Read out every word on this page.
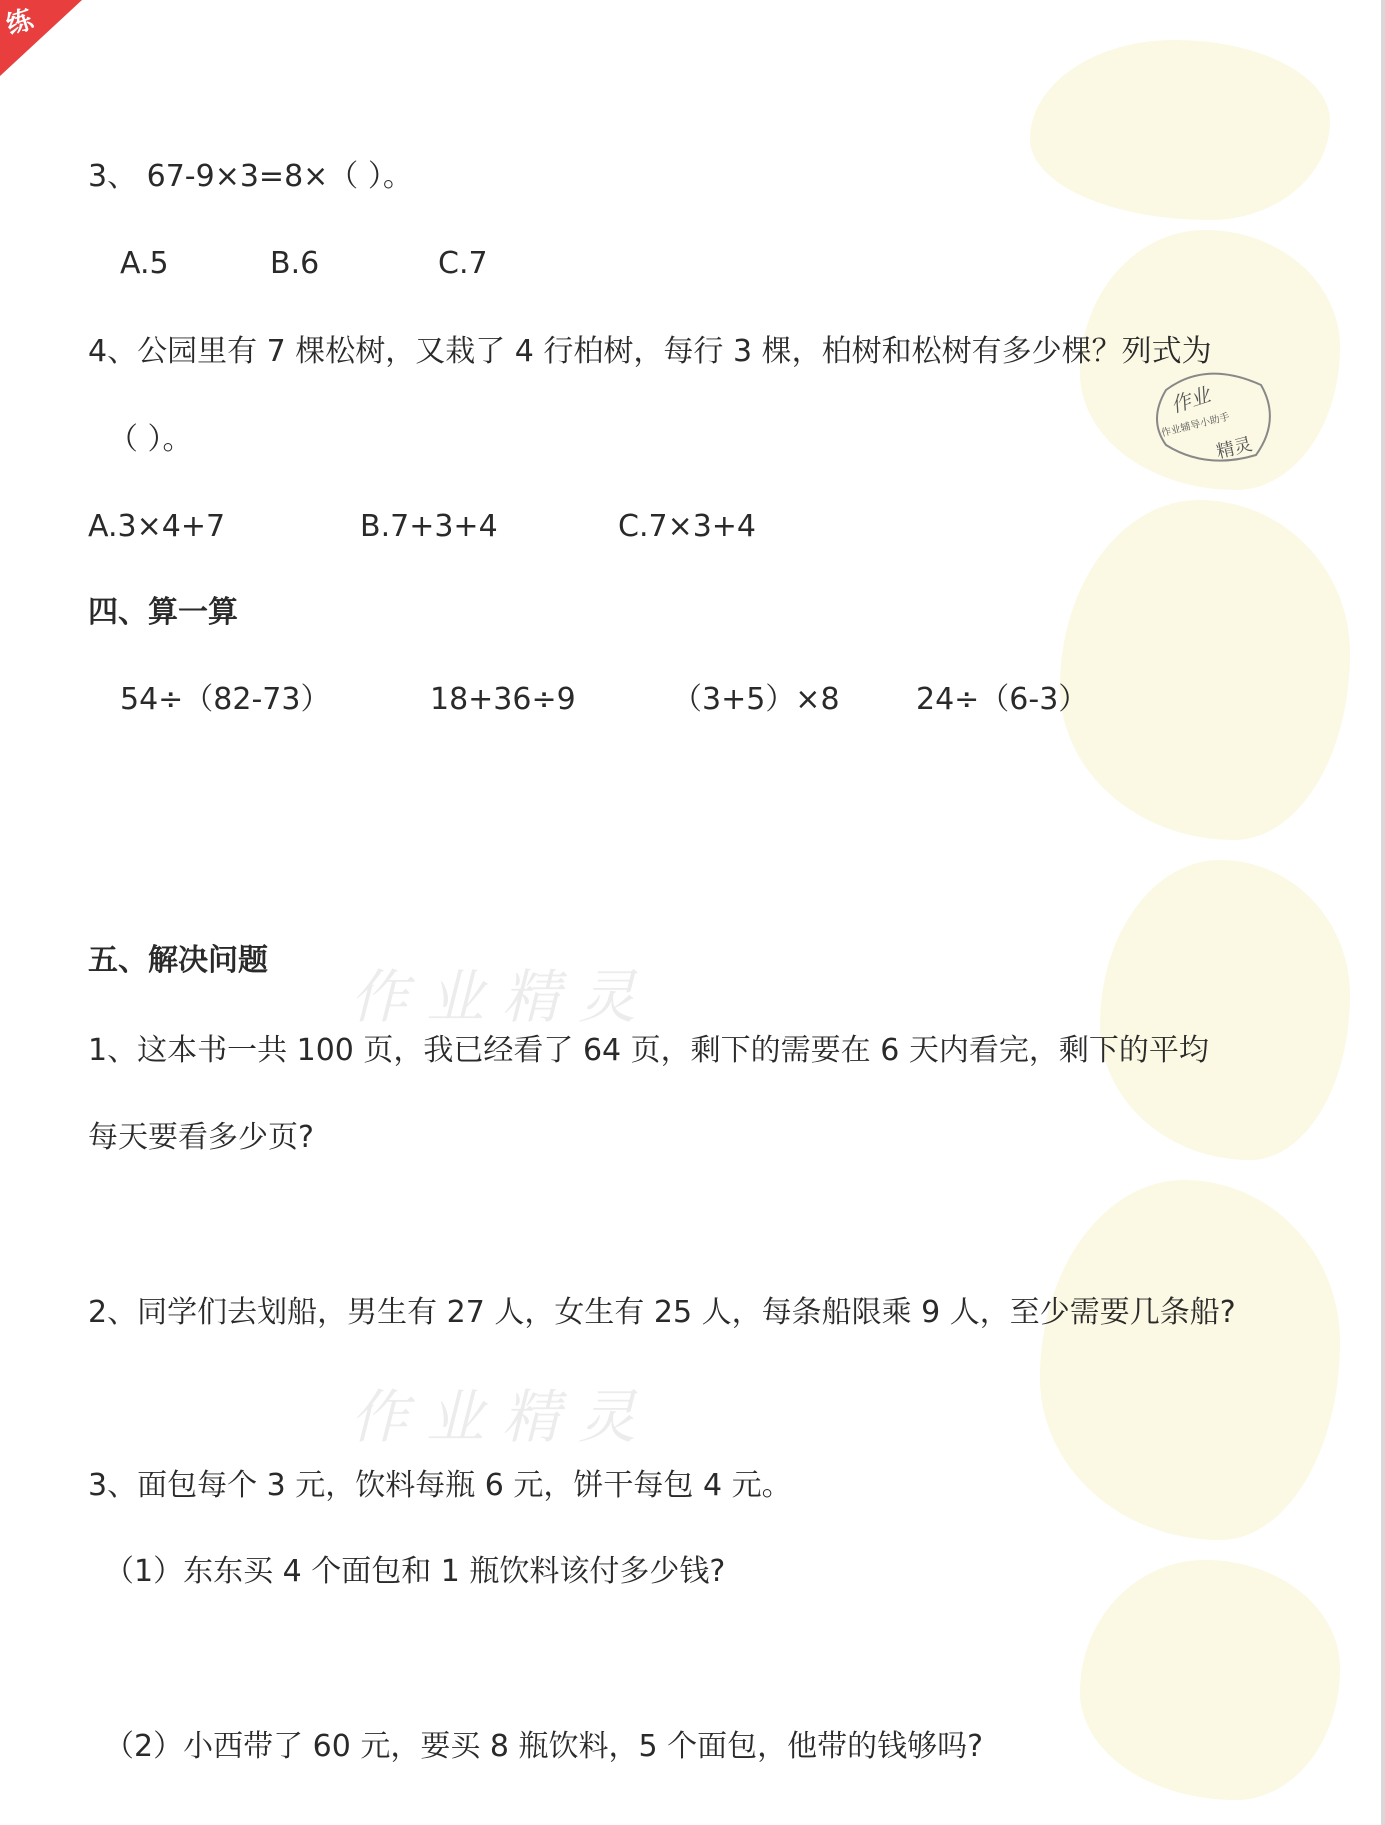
练
作业
作业辅导小助手
精灵
作业精灵
作业精灵
3、 67-9×3=8×（ ）。
A.5	B.6	C.7
4、公园里有 7 棵松树，又栽了 4 行柏树，每行 3 棵，柏树和松树有多少棵？列式为
（ ）。
A.3×4+7	B.7+3+4	C.7×3+4
四、算一算
54÷（82-73）	18+36÷9	（3+5）×8	24÷（6-3）
五、解决问题
1、这本书一共 100 页，我已经看了 64 页，剩下的需要在 6 天内看完，剩下的平均
每天要看多少页?
2、同学们去划船，男生有 27 人，女生有 25 人，每条船限乘 9 人，至少需要几条船?
3、面包每个 3 元，饮料每瓶 6 元，饼干每包 4 元。
（1）东东买 4 个面包和 1 瓶饮料该付多少钱?
（2）小西带了 60 元，要买 8 瓶饮料，5 个面包，他带的钱够吗?
